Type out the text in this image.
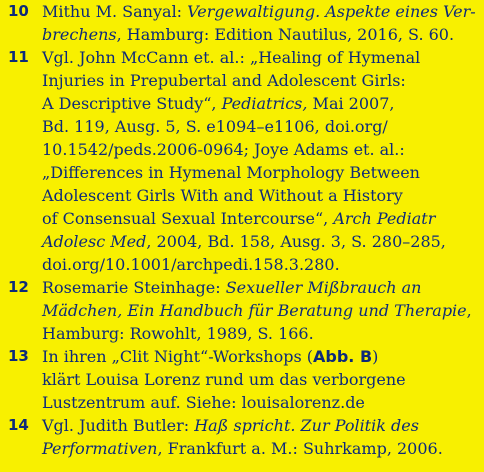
10 Mithu M. Sanyal: Vergewaltigung. Aspekte eines Ver-
brechens, Hamburg: Edition Nautilus, 2016, S. 60.
11 Vgl. John McCann et. al.: „Healing of Hymenal
Injuries in Prepubertal and Adolescent Girls:
A Descriptive Study“, Pediatrics, Mai 2007,
Bd. 119, Ausg. 5, S. e1094–e1106, doi.org/
10.1542/peds.2006-0964; Joye Adams et. al.:
„Differences in Hymenal Morphology Between
Adolescent Girls With and Without a History
of Consensual Sexual Intercourse“, Arch Pediatr
Adolesc Med, 2004, Bd. 158, Ausg. 3, S. 280–285,
doi.org/10.1001/archpedi.158.3.280.
12 Rosemarie Steinhage: Sexueller Mißbrauch an
Mädchen, Ein Handbuch für Beratung und Therapie,
Hamburg: Rowohlt, 1989, S. 166.
13 In ihren „Clit Night“-Workshops (Abb. B)
klärt Louisa Lorenz rund um das verborgene
Lustzentrum auf. Siehe: louisalorenz.de
14 Vgl. Judith Butler: Haß spricht. Zur Politik des
Performativen, Frankfurt a. M.: Suhrkamp, 2006.
